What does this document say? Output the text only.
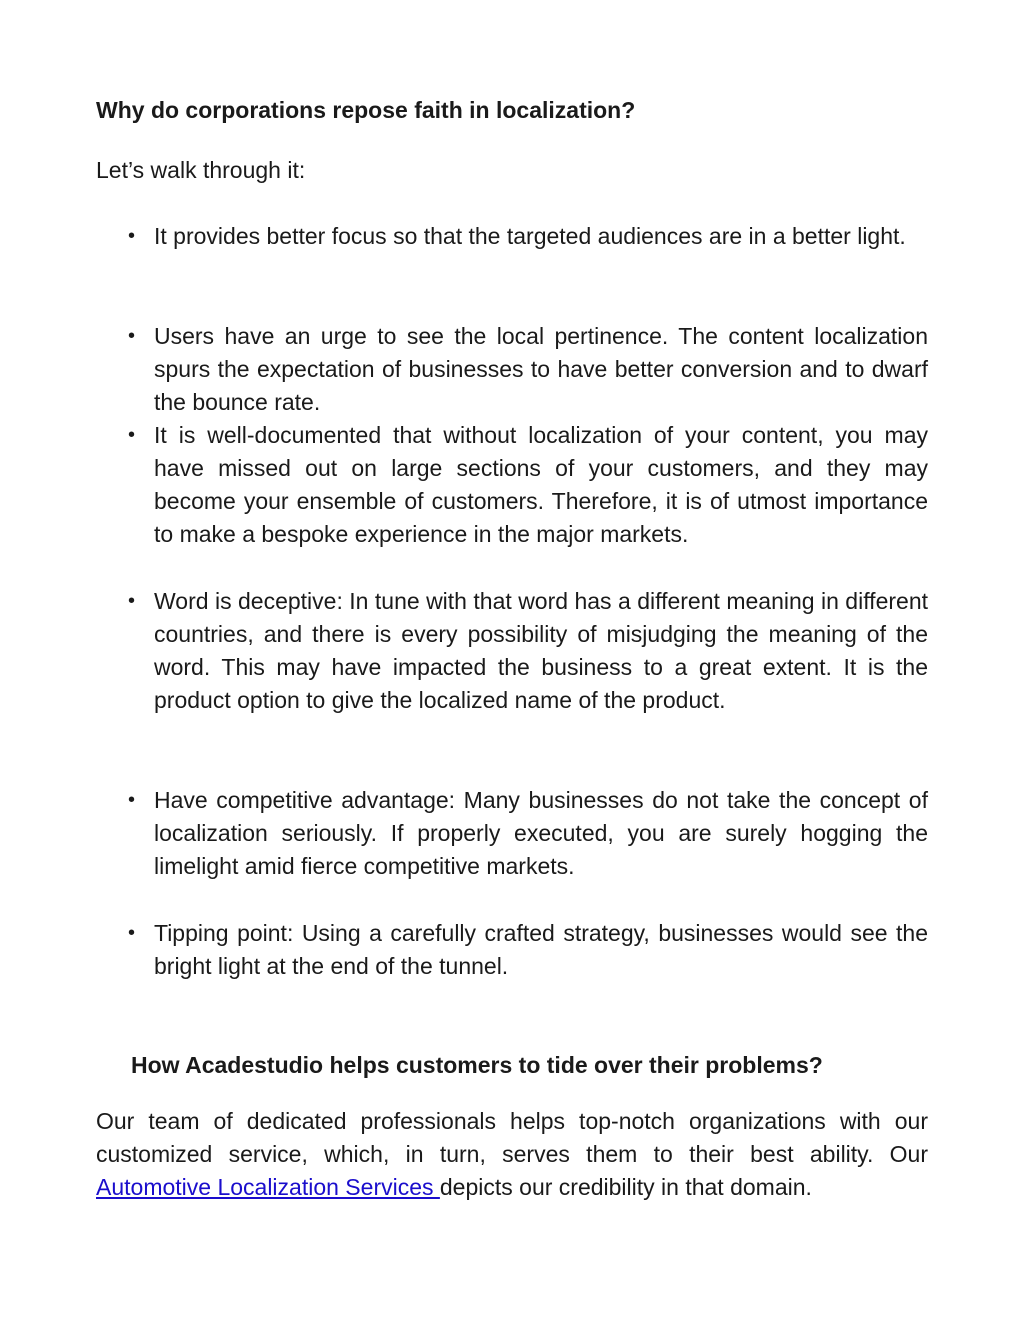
Why do corporations repose faith in localization?

Let’s walk through it:

• It provides better focus so that the targeted audiences are in a better light.
• Users have an urge to see the local pertinence. The content localization spurs the expectation of businesses to have better conversion and to dwarf the bounce rate.
• It is well-documented that without localization of your content, you may have missed out on large sections of your customers, and they may become your ensemble of customers. Therefore, it is of utmost importance to make a bespoke experience in the major markets.
• Word is deceptive: In tune with that word has a different meaning in different countries, and there is every possibility of misjudging the meaning of the word. This may have impacted the business to a great extent. It is the product option to give the localized name of the product.
• Have competitive advantage: Many businesses do not take the concept of localization seriously. If properly executed, you are surely hogging the limelight amid fierce competitive markets.
• Tipping point: Using a carefully crafted strategy, businesses would see the bright light at the end of the tunnel.
How Acadestudio helps customers to tide over their problems?

Our team of dedicated professionals helps top-notch organizations with our customized service, which, in turn, serves them to their best ability. Our Automotive Localization Services depicts our credibility in that domain.
